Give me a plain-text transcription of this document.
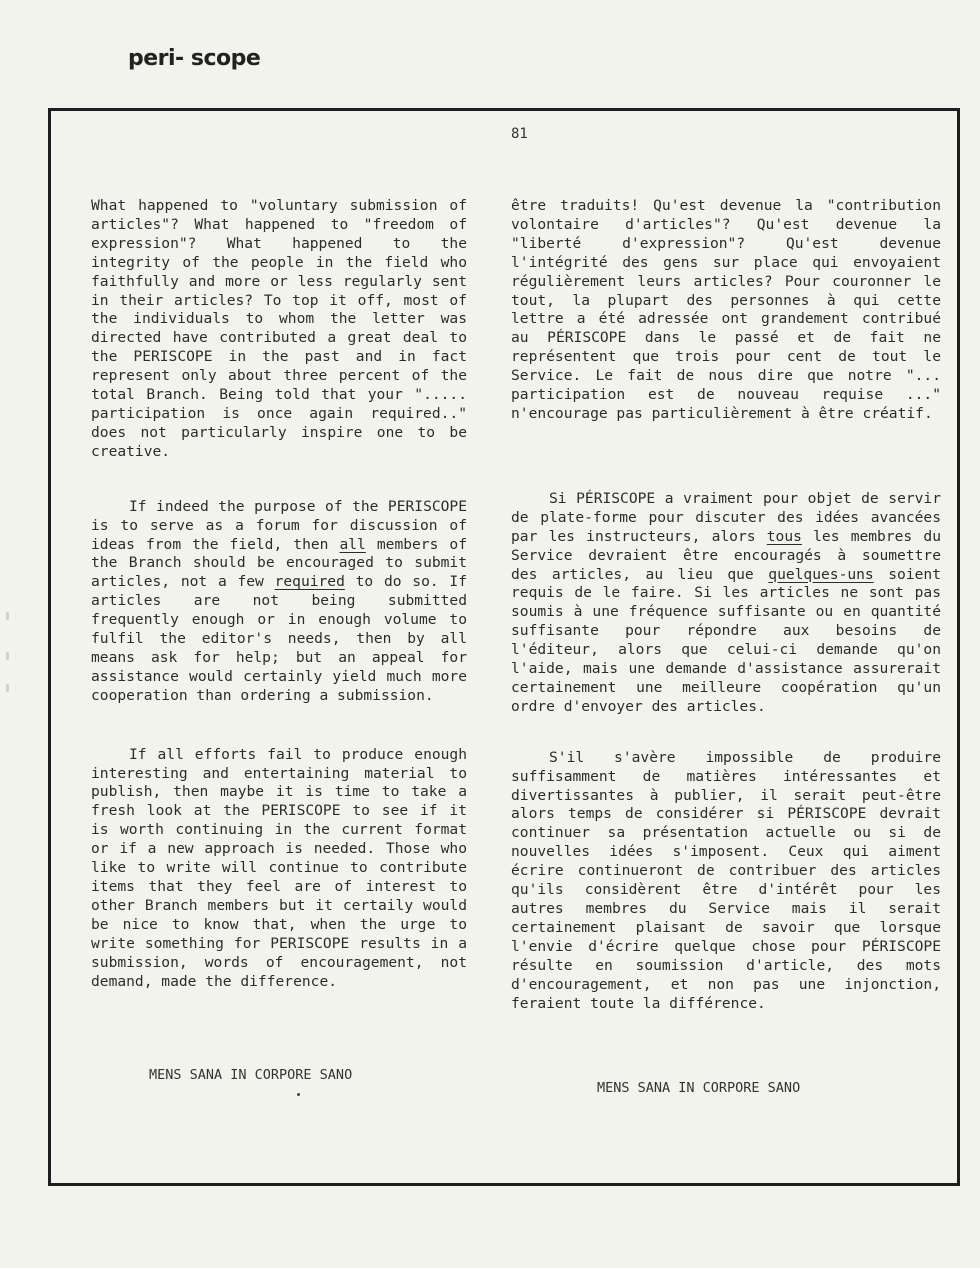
peri- scope
81

What happened to "voluntary submission of articles"? What happened to "freedom of expression"? What happened to the integrity of the people in the field who faithfully and more or less regularly sent in their articles? To top it off, most of the individuals to whom the letter was directed have contributed a great deal to the PERISCOPE in the past and in fact represent only about three percent of the total Branch. Being told that your "..... participation is once again required.." does not particularly inspire one to be creative.

If indeed the purpose of the PERISCOPE is to serve as a forum for discussion of ideas from the field, then all members of the Branch should be encouraged to submit articles, not a few required to do so. If articles are not being submitted frequently enough or in enough volume to fulfil the editor's needs, then by all means ask for help; but an appeal for assistance would certainly yield much more cooperation than ordering a submission.

If all efforts fail to produce enough interesting and entertaining material to publish, then maybe it is time to take a fresh look at the PERISCOPE to see if it is worth continuing in the current format or if a new approach is needed. Those who like to write will continue to contribute items that they feel are of interest to other Branch members but it certaily would be nice to know that, when the urge to write something for PERISCOPE results in a submission, words of encouragement, not demand, made the difference.

être traduits! Qu'est devenue la "contribution volontaire d'articles"? Qu'est devenue la "liberté d'expression"? Qu'est devenue l'intégrité des gens sur place qui envoyaient régulièrement leurs articles? Pour couronner le tout, la plupart des personnes à qui cette lettre a été adressée ont grandement contribué au PÉRISCOPE dans le passé et de fait ne représentent que trois pour cent de tout le Service. Le fait de nous dire que notre "... participation est de nouveau requise ..." n'encourage pas particulièrement à être créatif.

Si PÉRISCOPE a vraiment pour objet de servir de plate-forme pour discuter des idées avancées par les instructeurs, alors tous les membres du Service devraient être encouragés à soumettre des articles, au lieu que quelques-uns soient requis de le faire. Si les articles ne sont pas soumis à une fréquence suffisante ou en quantité suffisante pour répondre aux besoins de l'éditeur, alors que celui-ci demande qu'on l'aide, mais une demande d'assistance assurerait certainement une meilleure coopération qu'un ordre d'envoyer des articles.

S'il s'avère impossible de produire suffisamment de matières intéressantes et divertissantes à publier, il serait peut-être alors temps de considérer si PÉRISCOPE devrait continuer sa présentation actuelle ou si de nouvelles idées s'imposent. Ceux qui aiment écrire continueront de contribuer des articles qu'ils considèrent être d'intérêt pour les autres membres du Service mais il serait certainement plaisant de savoir que lorsque l'envie d'écrire quelque chose pour PÉRISCOPE résulte en soumission d'article, des mots d'encouragement, et non pas une injonction, feraient toute la différence.

MENS SANA IN CORPORE SANO
MENS SANA IN CORPORE SANO
